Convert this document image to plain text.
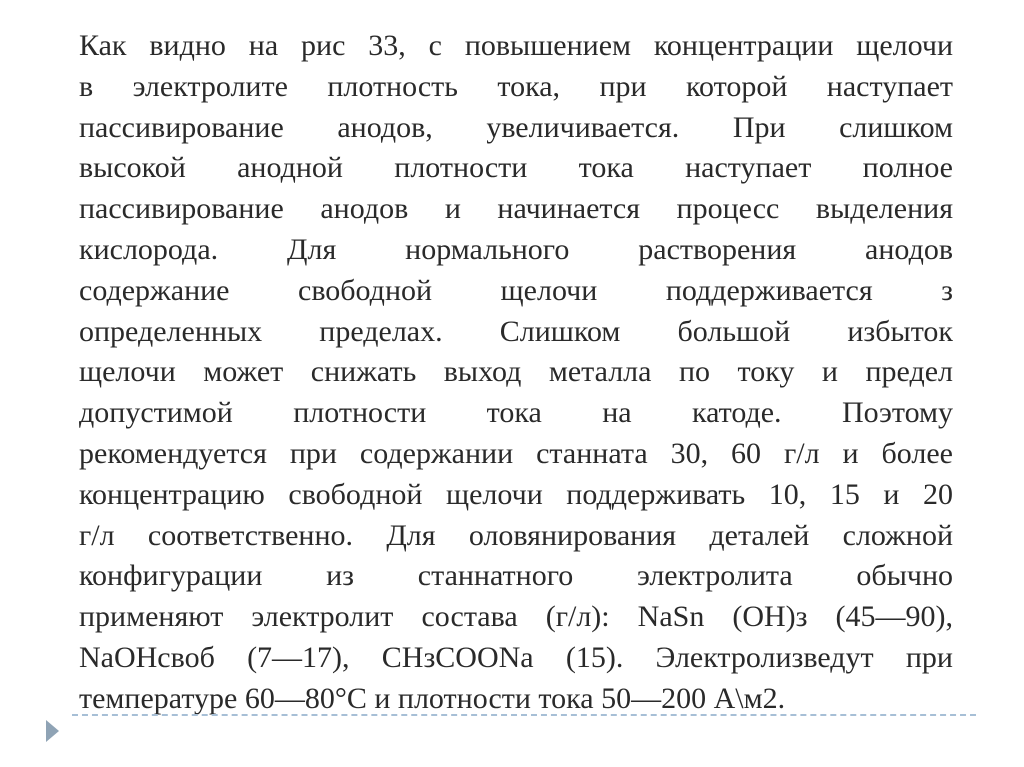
Как видно на рис 33, с повышением концентрации щелочи
в электролите плотность тока, при которой наступает
пассивирование анодов, увеличивается. При слишком
высокой анодной плотности тока наступает полное
пассивирование анодов и начинается процесс выделения
кислорода. Для нормального растворения анодов
содержание свободной щелочи поддерживается з
определенных пределах. Слишком большой избыток
щелочи может снижать выход металла по току и предел
допустимой плотности тока на катоде. Поэтому
рекомендуется при содержании станната 30, 60 г/л и более
концентрацию свободной щелочи поддерживать 10, 15 и 20
г/л соответственно. Для оловянирования деталей сложной
конфигурации из станнатного электролита обычно
применяют электролит состава (г/л): NaSn (OH)з (45—90),
NaOHсвоб (7—17), CHзCOONa (15). Электролизведут при
температуре 60—80°С и плотности тока 50—200 А\м2.
